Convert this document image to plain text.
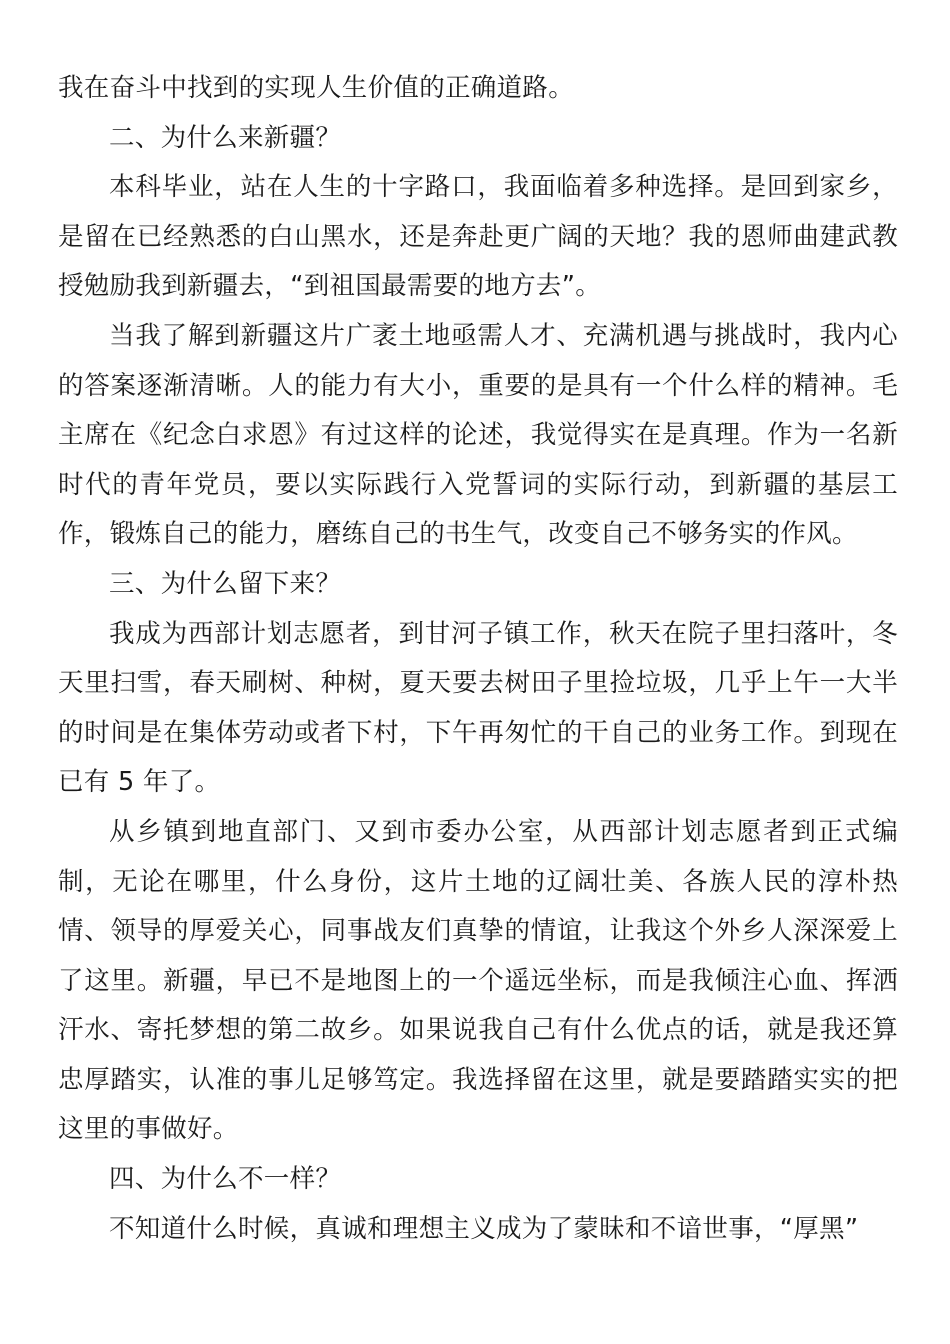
我在奋斗中找到的实现人生价值的正确道路。

二、为什么来新疆？

本科毕业，站在人生的十字路口，我面临着多种选择。是回到家乡，是留在已经熟悉的白山黑水，还是奔赴更广阔的天地？我的恩师曲建武教授勉励我到新疆去，“到祖国最需要的地方去”。

当我了解到新疆这片广袤土地亟需人才、充满机遇与挑战时，我内心的答案逐渐清晰。人的能力有大小，重要的是具有一个什么样的精神。毛主席在《纪念白求恩》有过这样的论述，我觉得实在是真理。作为一名新时代的青年党员，要以实际践行入党誓词的实际行动，到新疆的基层工作，锻炼自己的能力，磨练自己的书生气，改变自己不够务实的作风。

三、为什么留下来？

我成为西部计划志愿者，到甘河子镇工作，秋天在院子里扫落叶，冬天里扫雪，春天刷树、种树，夏天要去树田子里捡垃圾，几乎上午一大半的时间是在集体劳动或者下村，下午再匆忙的干自己的业务工作。到现在已有 5 年了。

从乡镇到地直部门、又到市委办公室，从西部计划志愿者到正式编制，无论在哪里，什么身份，这片土地的辽阔壮美、各族人民的淳朴热情、领导的厚爱关心，同事战友们真挚的情谊，让我这个外乡人深深爱上了这里。新疆，早已不是地图上的一个遥远坐标，而是我倾注心血、挥洒汗水、寄托梦想的第二故乡。如果说我自己有什么优点的话，就是我还算忠厚踏实，认准的事儿足够笃定。我选择留在这里，就是要踏踏实实的把这里的事做好。

四、为什么不一样？

不知道什么时候，真诚和理想主义成为了蒙昧和不谙世事，“厚黑”
